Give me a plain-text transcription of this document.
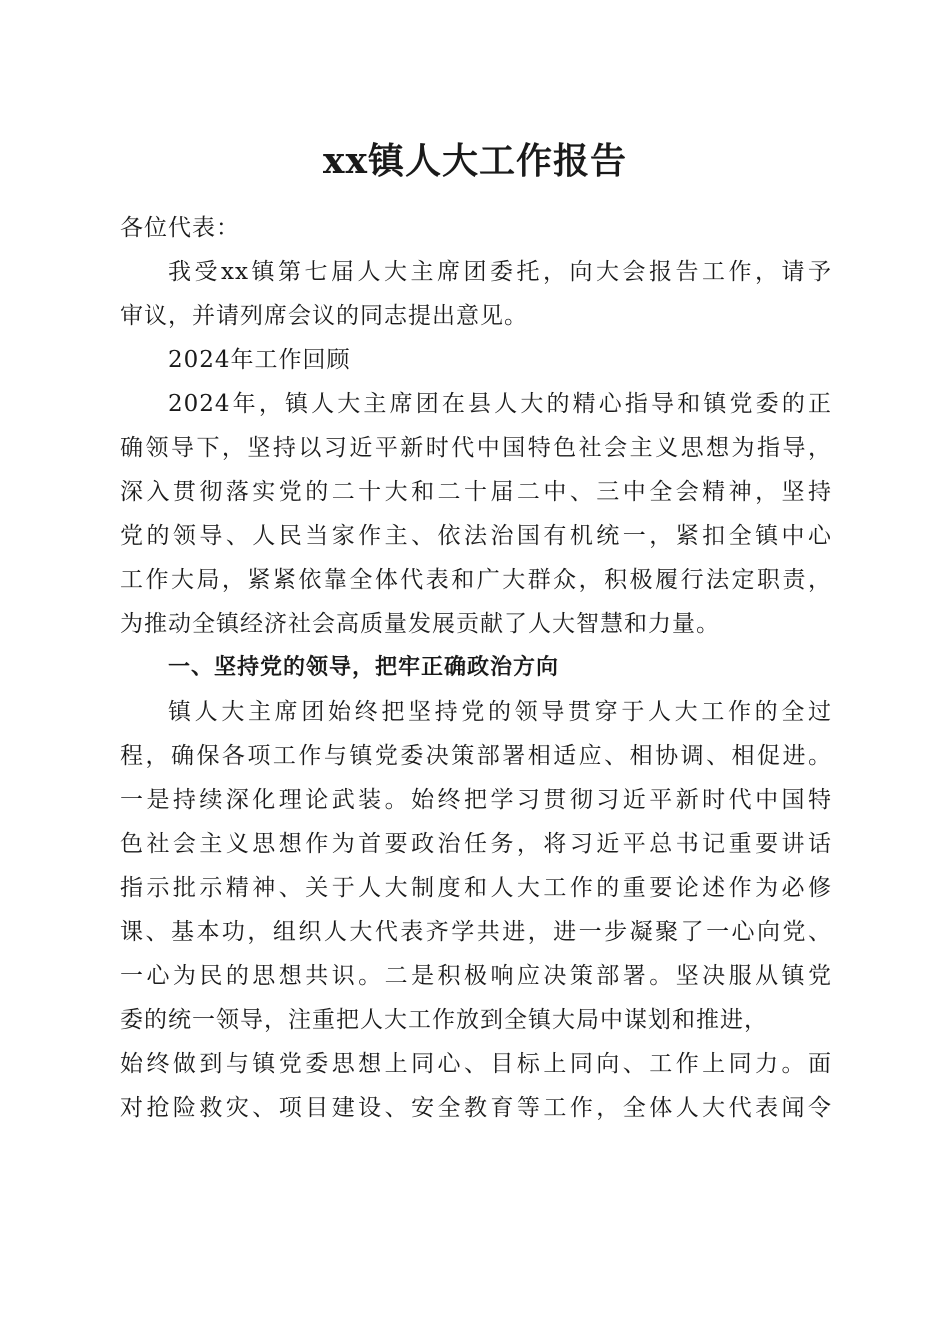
xx镇人大工作报告
各位代表：
我受xx镇第七届人大主席团委托，向大会报告工作，请予
审议，并请列席会议的同志提出意见。
2024年工作回顾
2024年，镇人大主席团在县人大的精心指导和镇党委的正
确领导下，坚持以习近平新时代中国特色社会主义思想为指导，
深入贯彻落实党的二十大和二十届二中、三中全会精神，坚持
党的领导、人民当家作主、依法治国有机统一，紧扣全镇中心
工作大局，紧紧依靠全体代表和广大群众，积极履行法定职责，
为推动全镇经济社会高质量发展贡献了人大智慧和力量。
一、坚持党的领导，把牢正确政治方向
镇人大主席团始终把坚持党的领导贯穿于人大工作的全过
程，确保各项工作与镇党委决策部署相适应、相协调、相促进。
一是持续深化理论武装。始终把学习贯彻习近平新时代中国特
色社会主义思想作为首要政治任务，将习近平总书记重要讲话
指示批示精神、关于人大制度和人大工作的重要论述作为必修
课、基本功，组织人大代表齐学共进，进一步凝聚了一心向党、
一心为民的思想共识。二是积极响应决策部署。坚决服从镇党
委的统一领导，注重把人大工作放到全镇大局中谋划和推进，
始终做到与镇党委思想上同心、目标上同向、工作上同力。面
对抢险救灾、项目建设、安全教育等工作，全体人大代表闻令
